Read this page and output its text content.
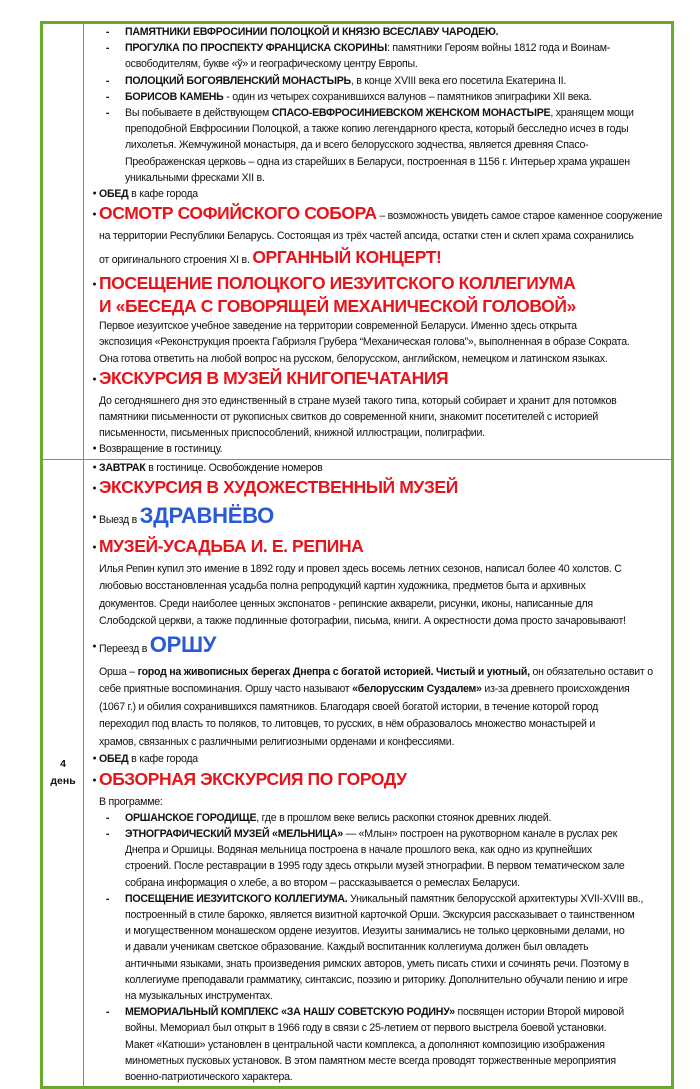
-	ПАМЯТНИКИ ЕВФРОСИНИИ ПОЛОЦКОЙ И КНЯЗЮ ВСЕСЛАВУ ЧАРОДЕЮ.
-	ПРОГУЛКА ПО ПРОСПЕКТУ ФРАНЦИСКА СКОРИНЫ: памятники Героям войны 1812 года и Воинам-
освободителям, букве «ў» и географическому центру Европы.
-	ПОЛОЦКИЙ БОГОЯВЛЕНСКИЙ МОНАСТЫРЬ, в конце XVIII века его посетила Екатерина II.
-	БОРИСОВ КАМЕНЬ - один из четырех сохранившихся валунов – памятников эпиграфики XII века.
-	Вы побываете в действующем СПАСО-ЕВФРОСИНИЕВСКОМ ЖЕНСКОМ МОНАСТЫРЕ, хранящем мощи
преподобной Евфросинии Полоцкой, а также копию легендарного креста, который бесследно исчез в годы
лихолетья. Жемчужиной монастыря, да и всего белорусского зодчества, является древняя Спасо-
Преображенская церковь – одна из старейших в Беларуси, построенная в 1156 г. Интерьер храма украшен
уникальными фресками XII в.
● ОБЕД в кафе города
● ОСМОТР СОФИЙСКОГО СОБОРА – возможность увидеть самое старое каменное сооружение
на территории Республики Беларусь. Состоящая из трёх частей апсида, остатки стен и склеп храма сохранились
от оригинального строения XI в. ОРГАННЫЙ КОНЦЕРТ!
● ПОСЕЩЕНИЕ ПОЛОЦКОГО ИЕЗУИТСКОГО КОЛЛЕГИУМА
И «БЕСЕДА С ГОВОРЯЩЕЙ МЕХАНИЧЕСКОЙ ГОЛОВОЙ»
Первое иезуитское учебное заведение на территории современной Беларуси. Именно здесь открыта
экспозиция «Реконструкция проекта Габриэля Грубера “Механическая голова”», выполненная в образе Сократа.
Она готова ответить на любой вопрос на русском, белорусском, английском, немецком и латинском языках.
● ЭКСКУРСИЯ В МУЗЕЙ КНИГОПЕЧАТАНИЯ
До сегодняшнего дня это единственный в стране музей такого типа, который собирает и хранит для потомков
памятники письменности от рукописных свитков до современной книги, знакомит посетителей с историей
письменности, письменных приспособлений, книжной иллюстрации, полиграфии.
● Возвращение в гостиницу.
4
день
● ЗАВТРАК в гостинице. Освобождение номеров
● ЭКСКУРСИЯ В ХУДОЖЕСТВЕННЫЙ МУЗЕЙ
● Выезд в ЗДРАВНЁВО
● МУЗЕЙ-УСАДЬБА И. Е. РЕПИНА
Илья Репин купил это имение в 1892 году и провел здесь восемь летних сезонов, написал более 40 холстов. С
любовью восстановленная усадьба полна репродукций картин художника, предметов быта и архивных
документов. Среди наиболее ценных экспонатов - репинские акварели, рисунки, иконы, написанные для
Слободской церкви, а также подлинные фотографии, письма, книги. А окрестности дома просто зачаровывают!
● Переезд в ОРШУ
Орша – город на живописных берегах Днепра с богатой историей. Чистый и уютный, он обязательно оставит о
себе приятные воспоминания. Оршу часто называют «белорусским Суздалем» из-за древнего происхождения
(1067 г.) и обилия сохранившихся памятников. Благодаря своей богатой истории, в течение которой город
переходил под власть то поляков, то литовцев, то русских, в нём образовалось множество монастырей и
храмов, связанных с различными религиозными орденами и конфессиями.
● ОБЕД в кафе города
● ОБЗОРНАЯ ЭКСКУРСИЯ ПО ГОРОДУ
В программе:
-	ОРШАНСКОЕ ГОРОДИЩЕ, где в прошлом веке велись раскопки стоянок древних людей.
-	ЭТНОГРАФИЧЕСКИЙ МУЗЕЙ «МЕЛЬНИЦА» — «Млын» построен на рукотворном канале в руслах рек
Днепра и Оршицы. Водяная мельница построена в начале прошлого века, как одно из крупнейших
строений. После реставрации в 1995 году здесь открыли музей этнографии. В первом тематическом зале
собрана информация о хлебе, а во втором – рассказывается о ремеслах Беларуси.
-	ПОСЕЩЕНИЕ ИЕЗУИТСКОГО КОЛЛЕГИУМА. Уникальный памятник белорусской архитектуры XVII-XVIII вв.,
построенный в стиле барокко, является визитной карточкой Орши. Экскурсия рассказывает о таинственном
и могущественном монашеском ордене иезуитов. Иезуиты занимались не только церковными делами, но
и давали ученикам светское образование. Каждый воспитанник коллегиума должен был овладеть
античными языками, знать произведения римских авторов, уметь писать стихи и сочинять речи. Поэтому в
коллегиуме преподавали грамматику, синтаксис, поэзию и риторику. Дополнительно обучали пению и игре
на музыкальных инструментах.
-	МЕМОРИАЛЬНЫЙ КОМПЛЕКС «ЗА НАШУ СОВЕТСКУЮ РОДИНУ» посвящен истории Второй мировой
войны. Мемориал был открыт в 1966 году в связи с 25-летием от первого выстрела боевой установки.
Макет «Катюши» установлен в центральной части комплекса, а дополняют композицию изображения
минометных пусковых установок. В этом памятном месте всегда проводят торжественные мероприятия
военно-патриотического характера.
